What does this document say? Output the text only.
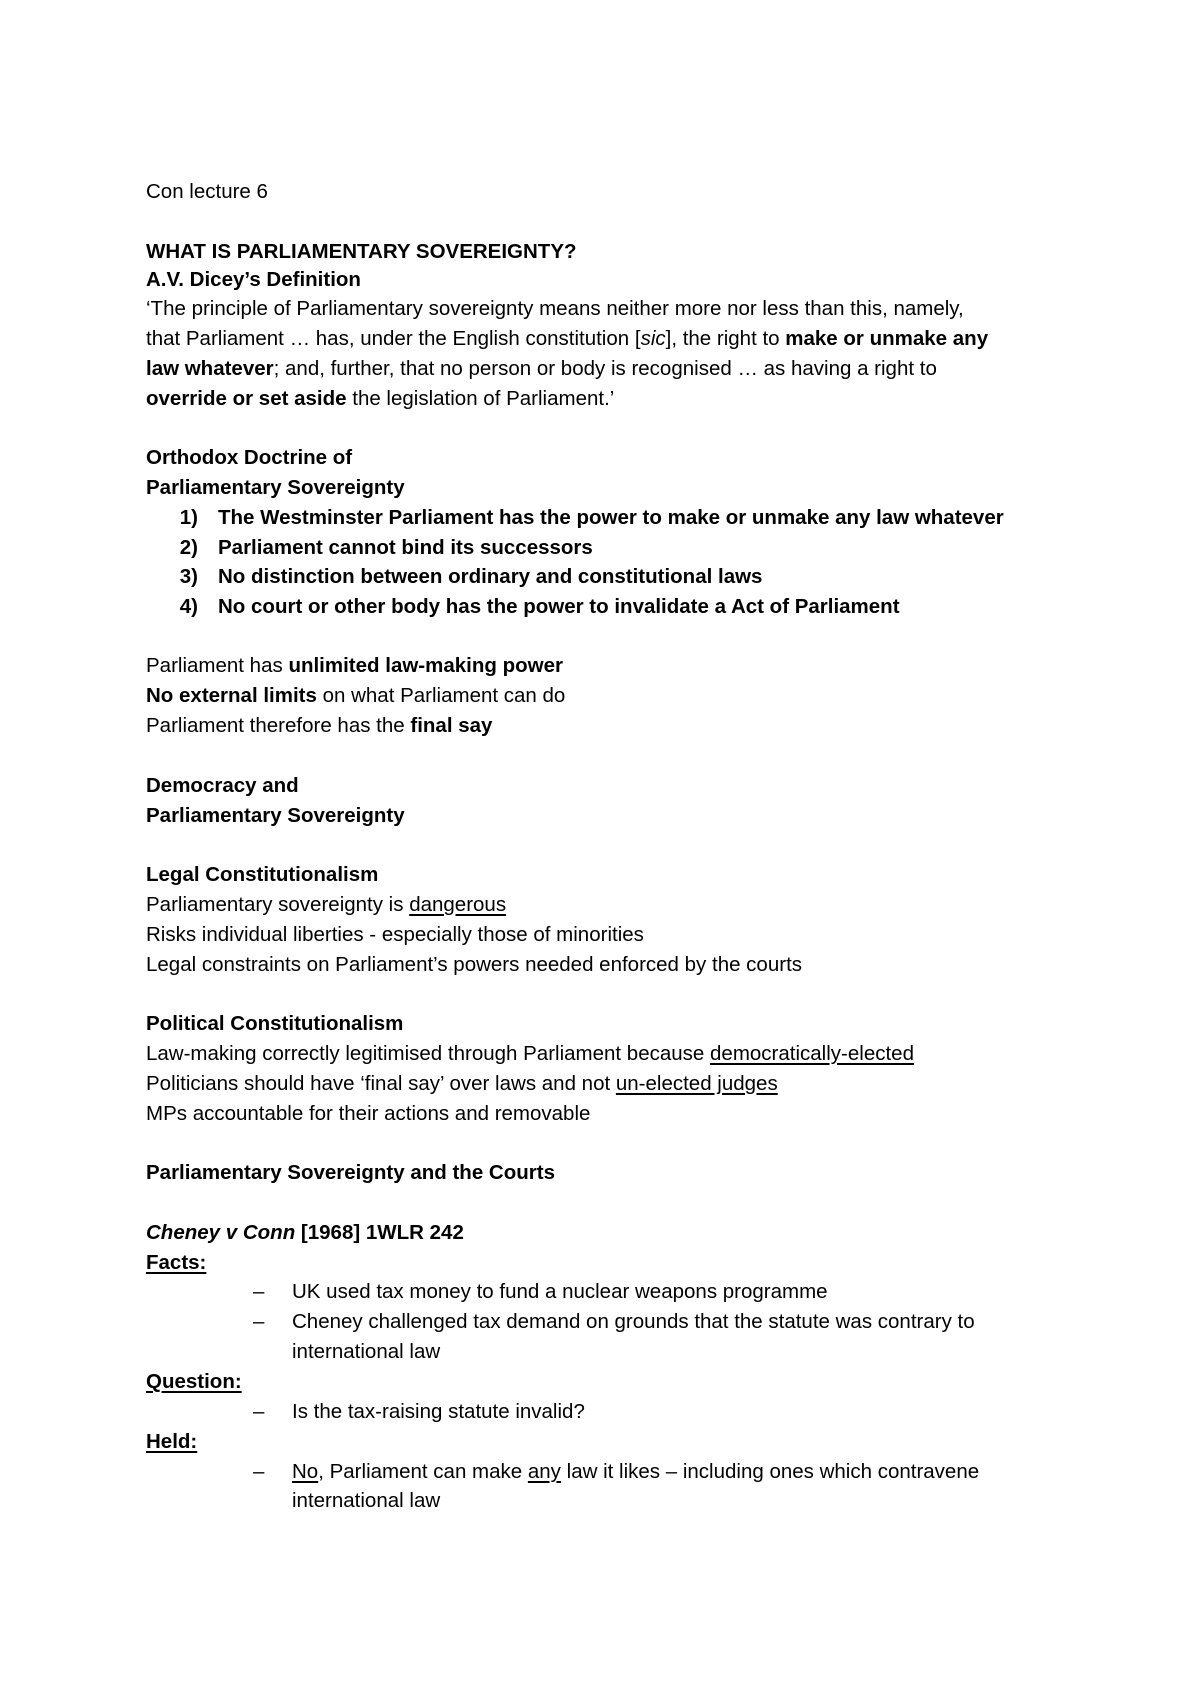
Con lecture 6
WHAT IS PARLIAMENTARY SOVEREIGNTY?
A.V. Dicey’s Definition
‘The principle of Parliamentary sovereignty means neither more nor less than this, namely,
that Parliament … has, under the English constitution [sic], the right to make or unmake any
law whatever; and, further, that no person or body is recognised … as having a right to
override or set aside the legislation of Parliament.’
Orthodox Doctrine of
Parliamentary Sovereignty
1) The Westminster Parliament has the power to make or unmake any law whatever
2) Parliament cannot bind its successors
3) No distinction between ordinary and constitutional laws
4) No court or other body has the power to invalidate a Act of Parliament
Parliament has unlimited law-making power
No external limits on what Parliament can do
Parliament therefore has the final say
Democracy and
Parliamentary Sovereignty
Legal Constitutionalism
Parliamentary sovereignty is dangerous
Risks individual liberties - especially those of minorities
Legal constraints on Parliament’s powers needed enforced by the courts
Political Constitutionalism
Law-making correctly legitimised through Parliament because democratically-elected
Politicians should have ‘final say’ over laws and not un-elected judges
MPs accountable for their actions and removable
Parliamentary Sovereignty and the Courts
Cheney v Conn [1968] 1WLR 242
Facts:
– UK used tax money to fund a nuclear weapons programme
– Cheney challenged tax demand on grounds that the statute was contrary to
international law
Question:
– Is the tax-raising statute invalid?
Held:
– No, Parliament can make any law it likes – including ones which contravene
international law
